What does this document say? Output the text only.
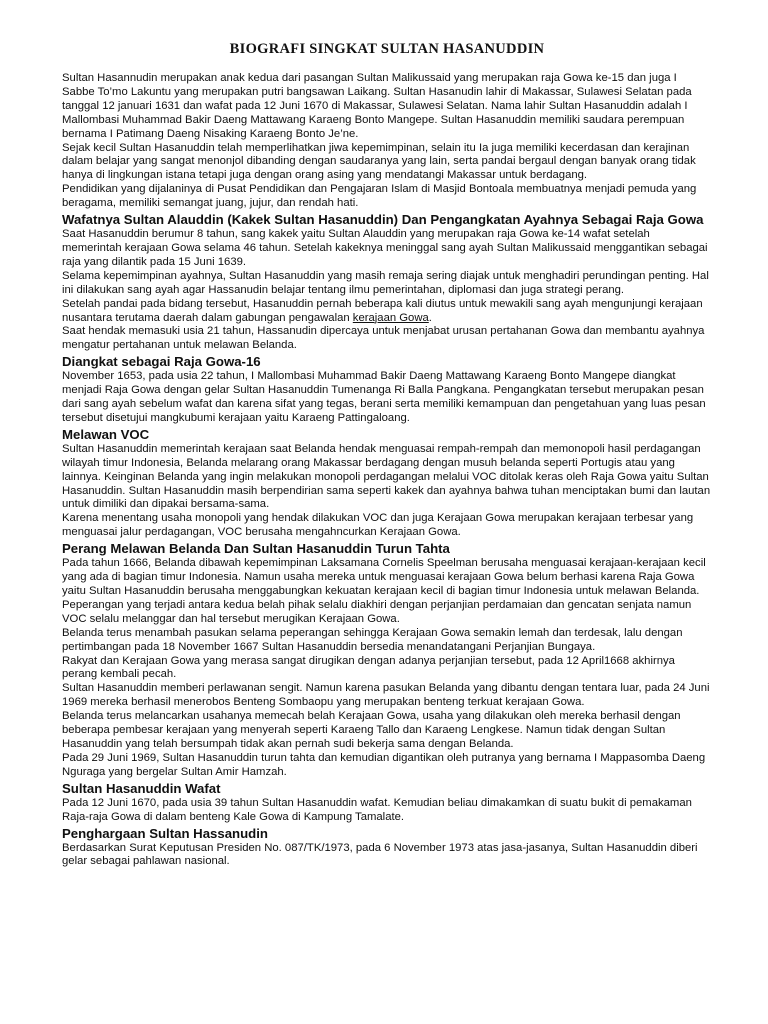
BIOGRAFI SINGKAT SULTAN HASANUDDIN

Sultan Hasannudin merupakan anak kedua dari pasangan Sultan Malikussaid yang merupakan raja Gowa ke-15 dan juga I Sabbe To’mo Lakuntu yang merupakan putri bangsawan Laikang. Sultan Hasanudin lahir di Makassar, Sulawesi Selatan pada tanggal 12 januari 1631 dan wafat pada 12 Juni 1670 di Makassar, Sulawesi Selatan. Nama lahir Sultan Hasanuddin adalah I Mallombasi Muhammad Bakir Daeng Mattawang Karaeng Bonto Mangepe. Sultan Hasanuddin memiliki saudara perempuan bernama I Patimang Daeng Nisaking Karaeng Bonto Je’ne.

Sejak kecil Sultan Hasanuddin telah memperlihatkan jiwa kepemimpinan, selain itu Ia juga memiliki kecerdasan dan kerajinan dalam belajar yang sangat menonjol dibanding dengan saudaranya yang lain, serta pandai bergaul dengan banyak orang tidak hanya di lingkungan istana tetapi juga dengan orang asing yang mendatangi Makassar untuk berdagang.

Pendidikan yang dijalaninya di Pusat Pendidikan dan Pengajaran Islam di Masjid Bontoala membuatnya menjadi pemuda yang beragama, memiliki semangat juang, jujur, dan rendah hati.

Wafatnya Sultan Alauddin (Kakek Sultan Hasanuddin) Dan Pengangkatan Ayahnya Sebagai Raja Gowa

Saat Hasanuddin berumur 8 tahun, sang kakek yaitu Sultan Alauddin yang merupakan raja Gowa ke-14 wafat setelah memerintah kerajaan Gowa selama 46 tahun. Setelah kakeknya meninggal sang ayah Sultan Malikussaid menggantikan sebagai raja yang dilantik pada 15 Juni 1639.

Selama kepemimpinan ayahnya, Sultan Hasanuddin yang masih remaja sering diajak untuk menghadiri perundingan penting. Hal ini dilakukan sang ayah agar Hassanudin belajar tentang ilmu pemerintahan, diplomasi dan juga strategi perang.

Setelah pandai pada bidang tersebut, Hasanuddin pernah beberapa kali diutus untuk mewakili sang ayah mengunjungi kerajaan nusantara terutama daerah dalam gabungan pengawalan kerajaan Gowa.

Saat hendak memasuki usia 21 tahun, Hassanudin dipercaya untuk menjabat urusan pertahanan Gowa dan membantu ayahnya mengatur pertahanan untuk melawan Belanda.

Diangkat sebagai Raja Gowa-16

November 1653, pada usia 22 tahun, I Mallombasi Muhammad Bakir Daeng Mattawang Karaeng Bonto Mangepe diangkat menjadi Raja Gowa dengan gelar Sultan Hasanuddin Tumenanga Ri Balla Pangkana. Pengangkatan tersebut merupakan pesan dari sang ayah sebelum wafat dan karena sifat yang tegas, berani serta memiliki kemampuan dan pengetahuan yang luas pesan tersebut disetujui mangkubumi kerajaan yaitu Karaeng Pattingaloang.

Melawan VOC

Sultan Hasanuddin memerintah kerajaan saat Belanda hendak menguasai rempah-rempah dan memonopoli hasil perdagangan wilayah timur Indonesia, Belanda melarang orang Makassar berdagang dengan musuh belanda seperti Portugis atau yang lainnya. Keinginan Belanda yang ingin melakukan monopoli perdagangan melalui VOC ditolak keras oleh Raja Gowa yaitu Sultan Hasanuddin. Sultan Hasanuddin masih berpendirian sama seperti kakek dan ayahnya bahwa tuhan menciptakan bumi dan lautan untuk dimiliki dan dipakai bersama-sama.

Karena menentang usaha monopoli yang hendak dilakukan VOC dan juga Kerajaan Gowa merupakan kerajaan terbesar yang menguasai jalur perdagangan, VOC berusaha mengahncurkan Kerajaan Gowa.

Perang Melawan Belanda Dan Sultan Hasanuddin Turun Tahta

Pada tahun 1666, Belanda dibawah kepemimpinan Laksamana Cornelis Speelman berusaha menguasai kerajaan-kerajaan kecil yang ada di bagian timur Indonesia. Namun usaha mereka untuk menguasai kerajaan Gowa belum berhasi karena Raja Gowa yaitu Sultan Hasanuddin berusaha menggabungkan kekuatan kerajaan kecil di bagian timur Indonesia untuk melawan Belanda.

Peperangan yang terjadi antara kedua belah pihak selalu diakhiri dengan perjanjian perdamaian dan gencatan senjata namun VOC selalu melanggar dan hal tersebut merugikan Kerajaan Gowa.

Belanda terus menambah pasukan selama peperangan sehingga Kerajaan Gowa semakin lemah dan terdesak, lalu dengan pertimbangan pada 18 November 1667 Sultan Hasanuddin bersedia menandatangani Perjanjian Bungaya.

Rakyat dan Kerajaan Gowa yang merasa sangat dirugikan dengan adanya perjanjian tersebut, pada 12 April1668 akhirnya perang kembali pecah.

Sultan Hasanuddin memberi perlawanan sengit. Namun karena pasukan Belanda yang dibantu dengan tentara luar, pada 24 Juni 1969 mereka berhasil menerobos Benteng Sombaopu yang merupakan benteng terkuat kerajaan Gowa.

Belanda terus melancarkan usahanya memecah belah Kerajaan Gowa, usaha yang dilakukan oleh mereka berhasil dengan beberapa pembesar kerajaan yang menyerah seperti Karaeng Tallo dan Karaeng Lengkese. Namun tidak dengan Sultan Hasanuddin yang telah bersumpah tidak akan pernah sudi bekerja sama dengan Belanda.

Pada 29 Juni 1969, Sultan Hasanuddin turun tahta dan kemudian digantikan oleh putranya yang bernama I Mappasomba Daeng Nguraga yang bergelar Sultan Amir Hamzah.

Sultan Hasanuddin Wafat

Pada 12 Juni 1670, pada usia 39 tahun Sultan Hasanuddin wafat. Kemudian beliau dimakamkan di suatu bukit di pemakaman Raja-raja Gowa di dalam benteng Kale Gowa di Kampung Tamalate.

Penghargaan Sultan Hassanudin

Berdasarkan Surat Keputusan Presiden No. 087/TK/1973, pada 6 November 1973 atas jasa-jasanya, Sultan Hasanuddin diberi gelar sebagai pahlawan nasional.
